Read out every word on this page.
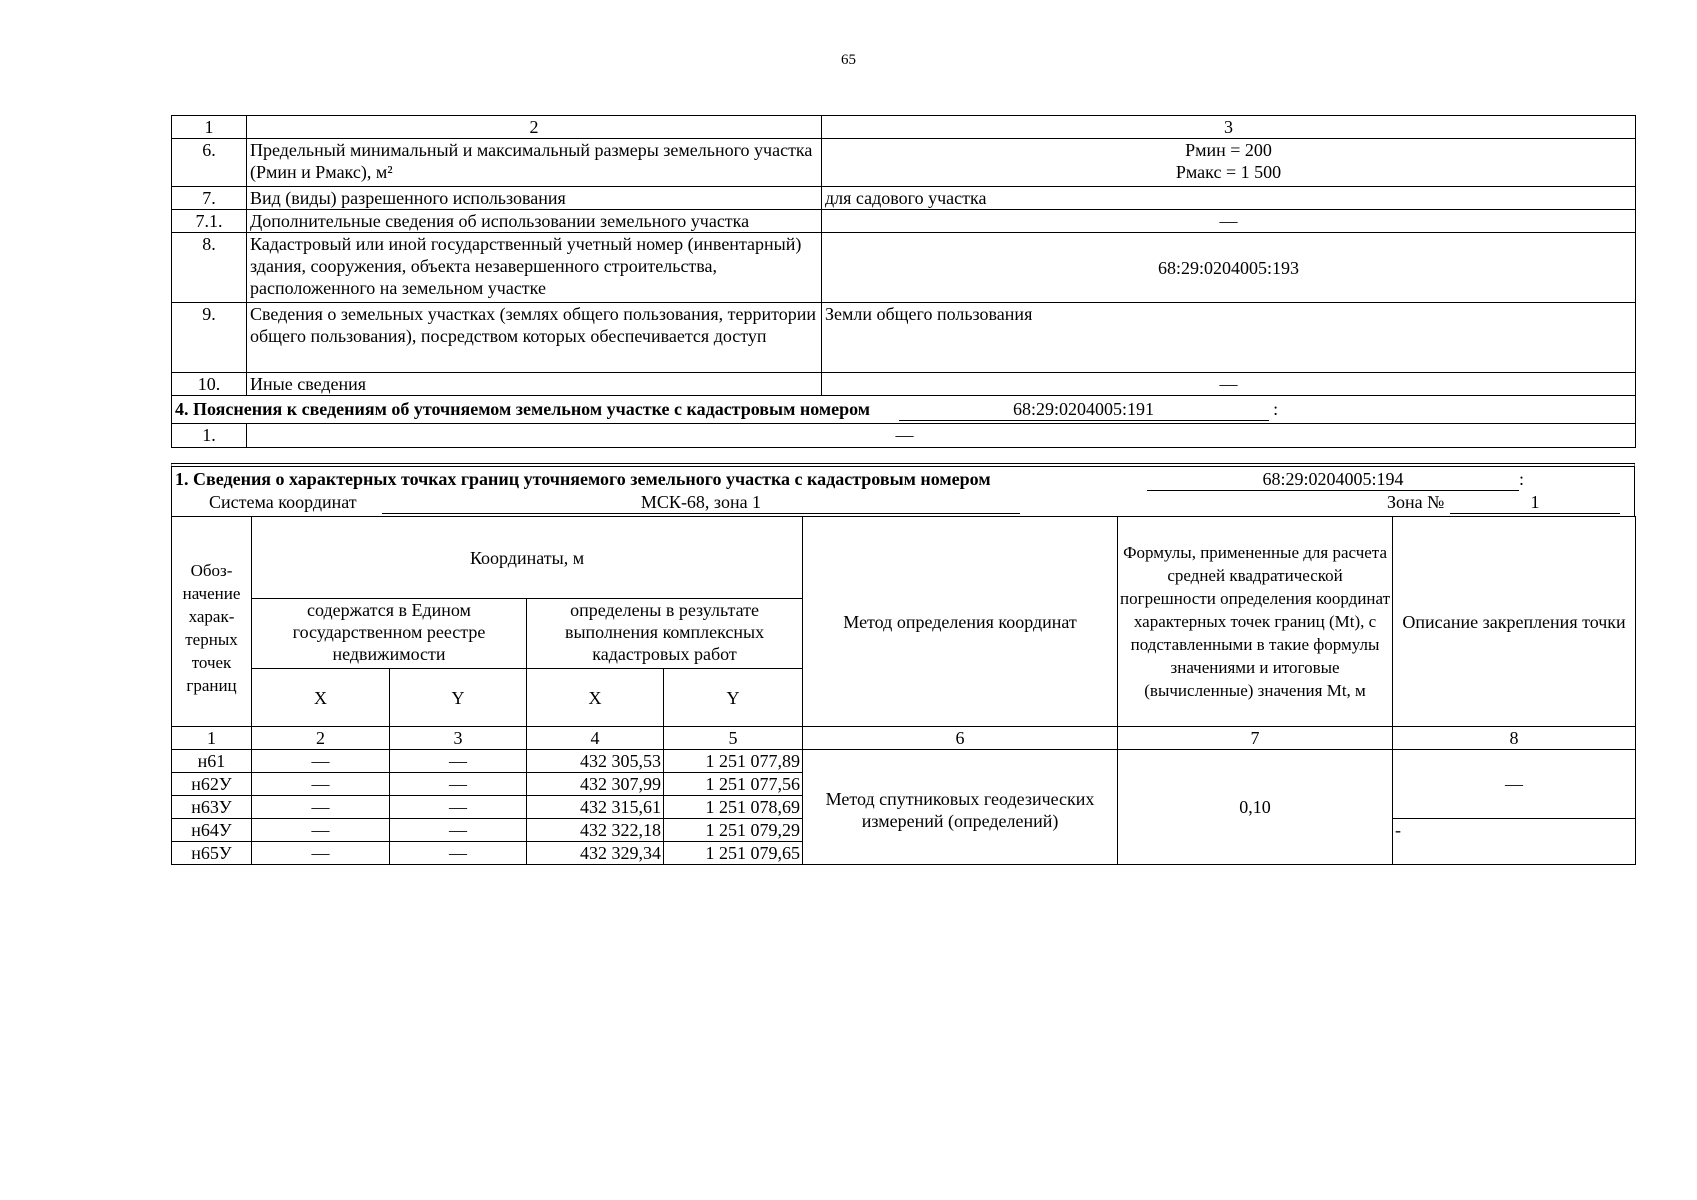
65
1	2	3
6.	Предельный минимальный и максимальный размеры земельного участка (Рмин и Рмакс), м²	Рмин = 200
Рмакс = 1 500

7.	Вид (виды) разрешенного использования	для садового участка
7.1.	Дополнительные сведения об использовании земельного участка	—
8.	Кадастровый или иной государственный учетный номер (инвентарный) здания, сооружения, объекта незавершенного строительства, расположенного на земельном участке	68:29:0204005:193
9.	Сведения о земельных участках (землях общего пользования, территории общего пользования), посредством которых обеспечивается доступ	Земли общего пользования
10.	Иные сведения	—
4. Пояснения к сведениям об уточняемом земельном участке с кадастровым номером 68:29:0204005:191 :		
1.	—	
1. Сведения о характерных точках границ уточняемого земельного участка с кадастровым номером	68:29:0204005:194	:
Система координат	МСК-68, зона 1	Зона №	1
Обоз-начение харак-терных точек границ	Координаты, м				Метод определения координат	Формулы, примененные для расчета средней квадратической погрешности определения координат характерных точек границ (Mt), с подставленными в такие формулы значениями и итоговые (вычисленные) значения Mt, м	Описание закрепления точки
	содержатся в Едином государственном реестре недвижимости		определены в результате выполнения комплексных кадастровых работ				
	X	Y	X	Y			
1	2	3	4	5	6	7	8
н61	—	—	432 305,53	1 251 077,89	Метод спутниковых геодезических измерений (определений)	0,10	—
н62У	—	—	432 307,99	1 251 077,56			
н63У	—	—	432 315,61	1 251 078,69			
н64У	—	—	432 322,18	1 251 079,29			-
н65У	—	—	432 329,34	1 251 079,65			
